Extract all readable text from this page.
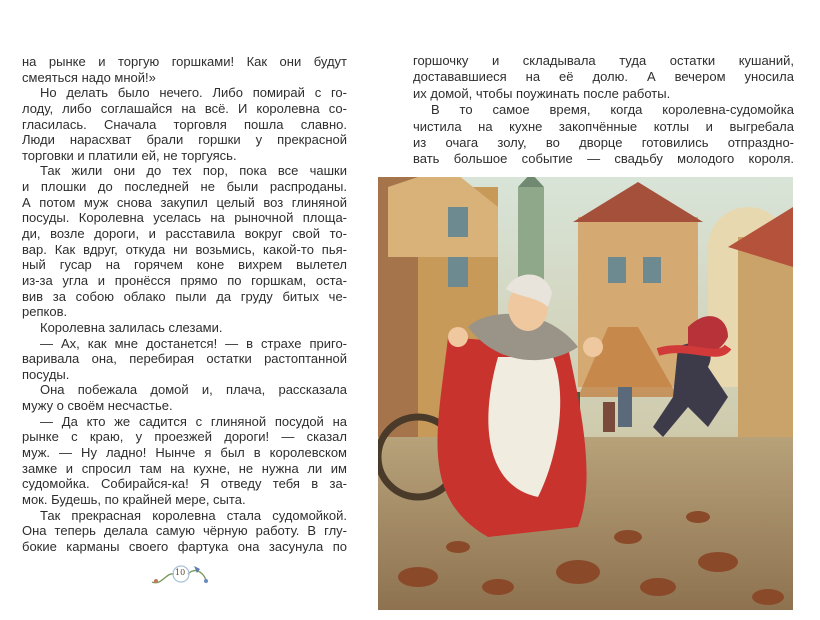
на рынке и торгую горшками! Как они будут
смеяться надо мной!»
Но делать было нечего. Либо помирай с го-
лоду, либо соглашайся на всё. И королевна со-
гласилась. Сначала торговля пошла славно.
Люди нарасхват брали горшки у прекрасной
торговки и платили ей, не торгуясь.
Так жили они до тех пор, пока все чашки
и плошки до последней не были распроданы.
А потом муж снова закупил целый воз глиняной
посуды. Королевна уселась на рыночной площа-
ди, возле дороги, и расставила вокруг свой то-
вар. Как вдруг, откуда ни возьмись, какой-то пья-
ный гусар на горячем коне вихрем вылетел
из-за угла и пронёсся прямо по горшкам, оста-
вив за собою облако пыли да груду битых че-
репков.
Королевна залилась слезами.
— Ах, как мне достанется! — в страхе приго-
варивала она, перебирая остатки растоптанной
посуды.
Она побежала домой и, плача, рассказала
мужу о своём несчастье.
— Да кто же садится с глиняной посудой на
рынке с краю, у проезжей дороги! — сказал
муж. — Ну ладно! Нынче я был в королевском
замке и спросил там на кухне, не нужна ли им
судомойка. Собирайся-ка! Я отведу тебя в за-
мок. Будешь, по крайней мере, сыта.
Так прекрасная королевна стала судомойкой.
Она теперь делала самую чёрную работу. В глу-
бокие карманы своего фартука она засунула по
горшочку и складывала туда остатки кушаний,
достававшиеся на её долю. А вечером уносила
их домой, чтобы поужинать после работы.
В то самое время, когда королевна-судомойка
чистила на кухне закопчённые котлы и выгребала
из очага золу, во дворце готовились отпраздно-
вать большое событие — свадьбу молодого короля.
10
